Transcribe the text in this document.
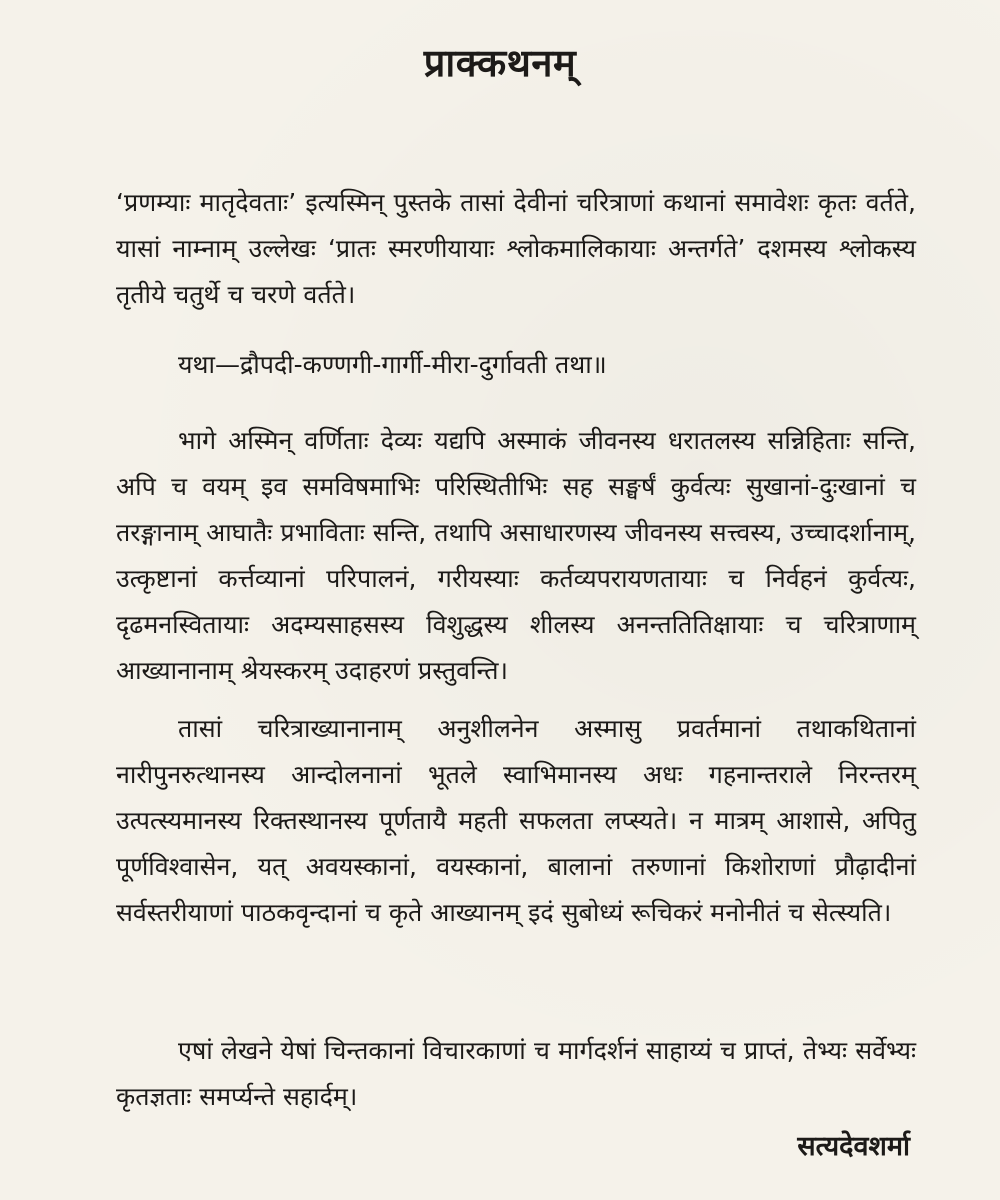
प्राक्कथनम्

‘प्रणम्याः मातृदेवताः’ इत्यस्मिन् पुस्तके तासां देवीनां चरित्राणां कथानां समावेशः कृतः वर्तते, यासां नाम्नाम् उल्लेखः ‘प्रातः स्मरणीयायाः श्लोकमालिकायाः अन्तर्गते’ दशमस्य श्लोकस्य तृतीये चतुर्थे च चरणे वर्तते।

यथा—द्रौपदी-कण्णगी-गार्गी-मीरा-दुर्गावती तथा॥

भागे अस्मिन् वर्णिताः देव्यः यद्यपि अस्माकं जीवनस्य धरातलस्य सन्निहिताः सन्ति, अपि च वयम् इव समविषमाभिः परिस्थितीभिः सह सङ्घर्षं कुर्वत्यः सुखानां-दुःखानां च तरङ्गानाम् आघातैः प्रभाविताः सन्ति, तथापि असाधारणस्य जीवनस्य सत्त्वस्य, उच्चादर्शानाम्, उत्कृष्टानां कर्त्तव्यानां परिपालनं, गरीयस्याः कर्तव्यपरायणतायाः च निर्वहनं कुर्वत्यः, दृढमनस्वितायाः अदम्यसाहसस्य विशुद्धस्य शीलस्य अनन्ततितिक्षायाः च चरित्राणाम् आख्यानानाम् श्रेयस्करम् उदाहरणं प्रस्तुवन्ति।

तासां चरित्राख्यानानाम् अनुशीलनेन अस्मासु प्रवर्तमानां तथाकथितानां नारीपुनरुत्थानस्य आन्दोलनानां भूतले स्वाभिमानस्य अधः गहनान्तराले निरन्तरम् उत्पत्स्यमानस्य रिक्तस्थानस्य पूर्णतायै महती सफलता लप्स्यते। न मात्रम् आशासे, अपितु पूर्णविश्वासेन, यत् अवयस्कानां, वयस्कानां, बालानां तरुणानां किशोराणां प्रौढ़ादीनां सर्वस्तरीयाणां पाठकवृन्दानां च कृते आख्यानम् इदं सुबोध्यं रूचिकरं मनोनीतं च सेत्स्यति।

एषां लेखने येषां चिन्तकानां विचारकाणां च मार्गदर्शनं साहाय्यं च प्राप्तं, तेभ्यः सर्वेभ्यः कृतज्ञताः समर्प्यन्ते सहार्दम्।

सत्यदेवशर्मा
